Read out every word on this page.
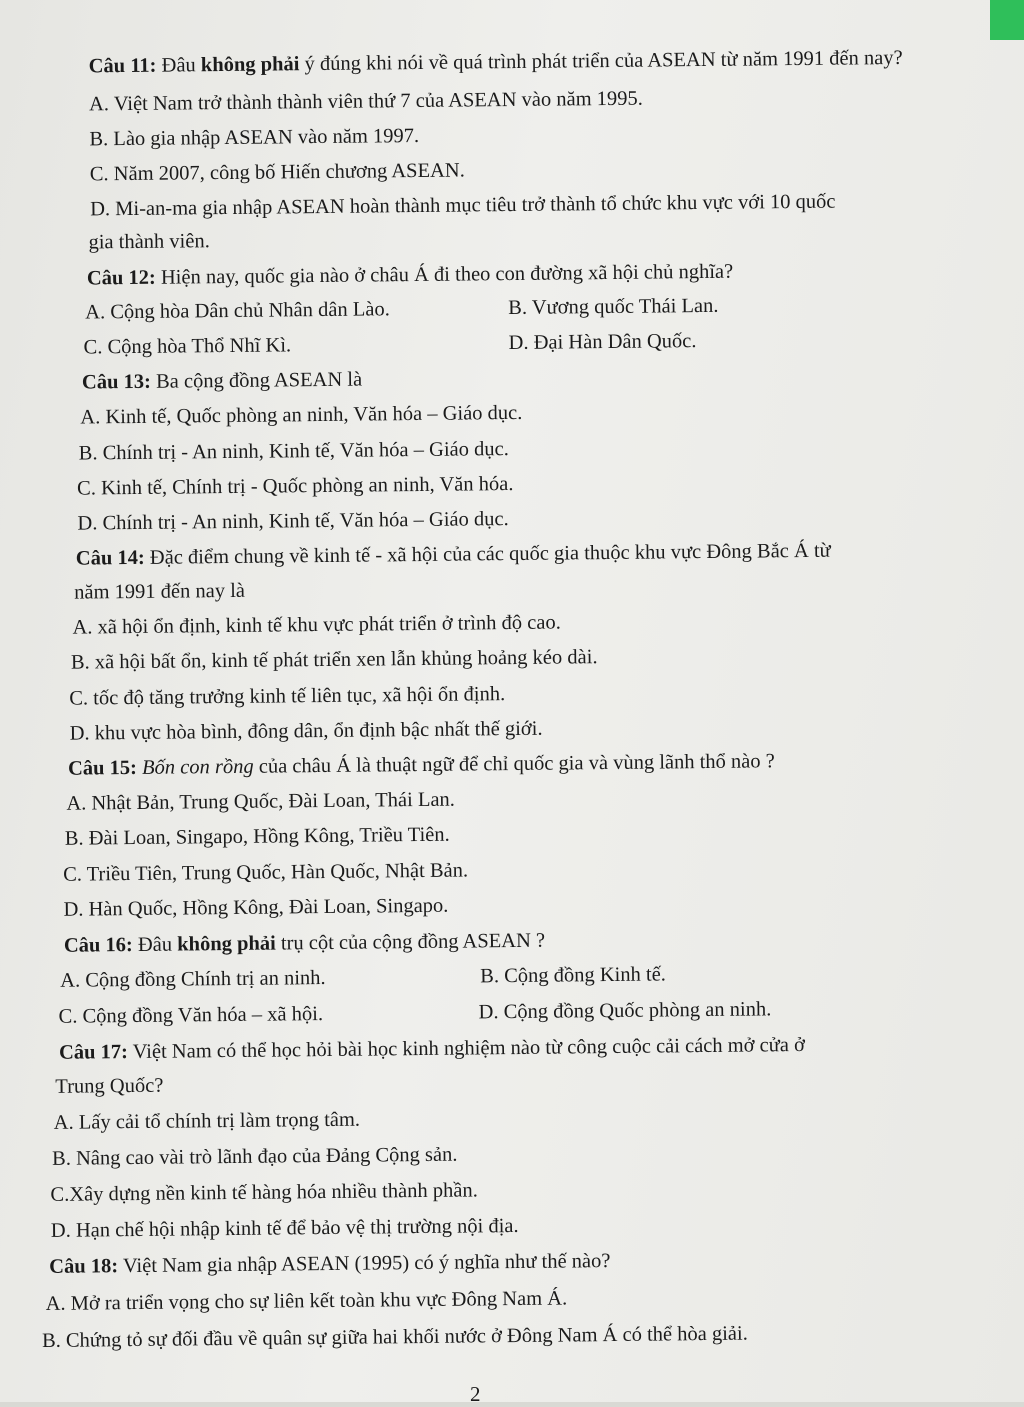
Câu 11: Đâu không phải ý đúng khi nói về quá trình phát triển của ASEAN từ năm 1991 đến nay?
A. Việt Nam trở thành thành viên thứ 7 của ASEAN vào năm 1995.
B. Lào gia nhập ASEAN vào năm 1997.
C. Năm 2007, công bố Hiến chương ASEAN.
D. Mi-an-ma gia nhập ASEAN hoàn thành mục tiêu trở thành tổ chức khu vực với 10 quốc
gia thành viên.
Câu 12: Hiện nay, quốc gia nào ở châu Á đi theo con đường xã hội chủ nghĩa?
A. Cộng hòa Dân chủ Nhân dân Lào.	B. Vương quốc Thái Lan.
C. Cộng hòa Thổ Nhĩ Kì.	D. Đại Hàn Dân Quốc.
Câu 13: Ba cộng đồng ASEAN là
A. Kinh tế, Quốc phòng an ninh, Văn hóa – Giáo dục.
B. Chính trị - An ninh, Kinh tế, Văn hóa – Giáo dục.
C. Kinh tế, Chính trị - Quốc phòng an ninh, Văn hóa.
D. Chính trị - An ninh, Kinh tế, Văn hóa – Giáo dục.
Câu 14: Đặc điểm chung về kinh tế - xã hội của các quốc gia thuộc khu vực Đông Bắc Á từ
năm 1991 đến nay là
A. xã hội ổn định, kinh tế khu vực phát triển ở trình độ cao.
B. xã hội bất ổn, kinh tế phát triển xen lẫn khủng hoảng kéo dài.
C. tốc độ tăng trưởng kinh tế liên tục, xã hội ổn định.
D. khu vực hòa bình, đông dân, ổn định bậc nhất thế giới.
Câu 15: Bốn con rồng của châu Á là thuật ngữ để chỉ quốc gia và vùng lãnh thổ nào ?
A. Nhật Bản, Trung Quốc, Đài Loan, Thái Lan.
B. Đài Loan, Singapo, Hồng Kông, Triều Tiên.
C. Triều Tiên, Trung Quốc, Hàn Quốc, Nhật Bản.
D. Hàn Quốc, Hồng Kông, Đài Loan, Singapo.
Câu 16: Đâu không phải trụ cột của cộng đồng ASEAN ?
A. Cộng đồng Chính trị an ninh.	B. Cộng đồng Kinh tế.
C. Cộng đồng Văn hóa – xã hội.	D. Cộng đồng Quốc phòng an ninh.
Câu 17: Việt Nam có thể học hỏi bài học kinh nghiệm nào từ công cuộc cải cách mở cửa ở
Trung Quốc?
A. Lấy cải tổ chính trị làm trọng tâm.
B. Nâng cao vài trò lãnh đạo của Đảng Cộng sản.
C.Xây dựng nền kinh tế hàng hóa nhiều thành phần.
D. Hạn chế hội nhập kinh tế để bảo vệ thị trường nội địa.
Câu 18: Việt Nam gia nhập ASEAN (1995) có ý nghĩa như thế nào?
A. Mở ra triển vọng cho sự liên kết toàn khu vực Đông Nam Á.
B. Chứng tỏ sự đối đầu về quân sự giữa hai khối nước ở Đông Nam Á có thể hòa giải.
2
